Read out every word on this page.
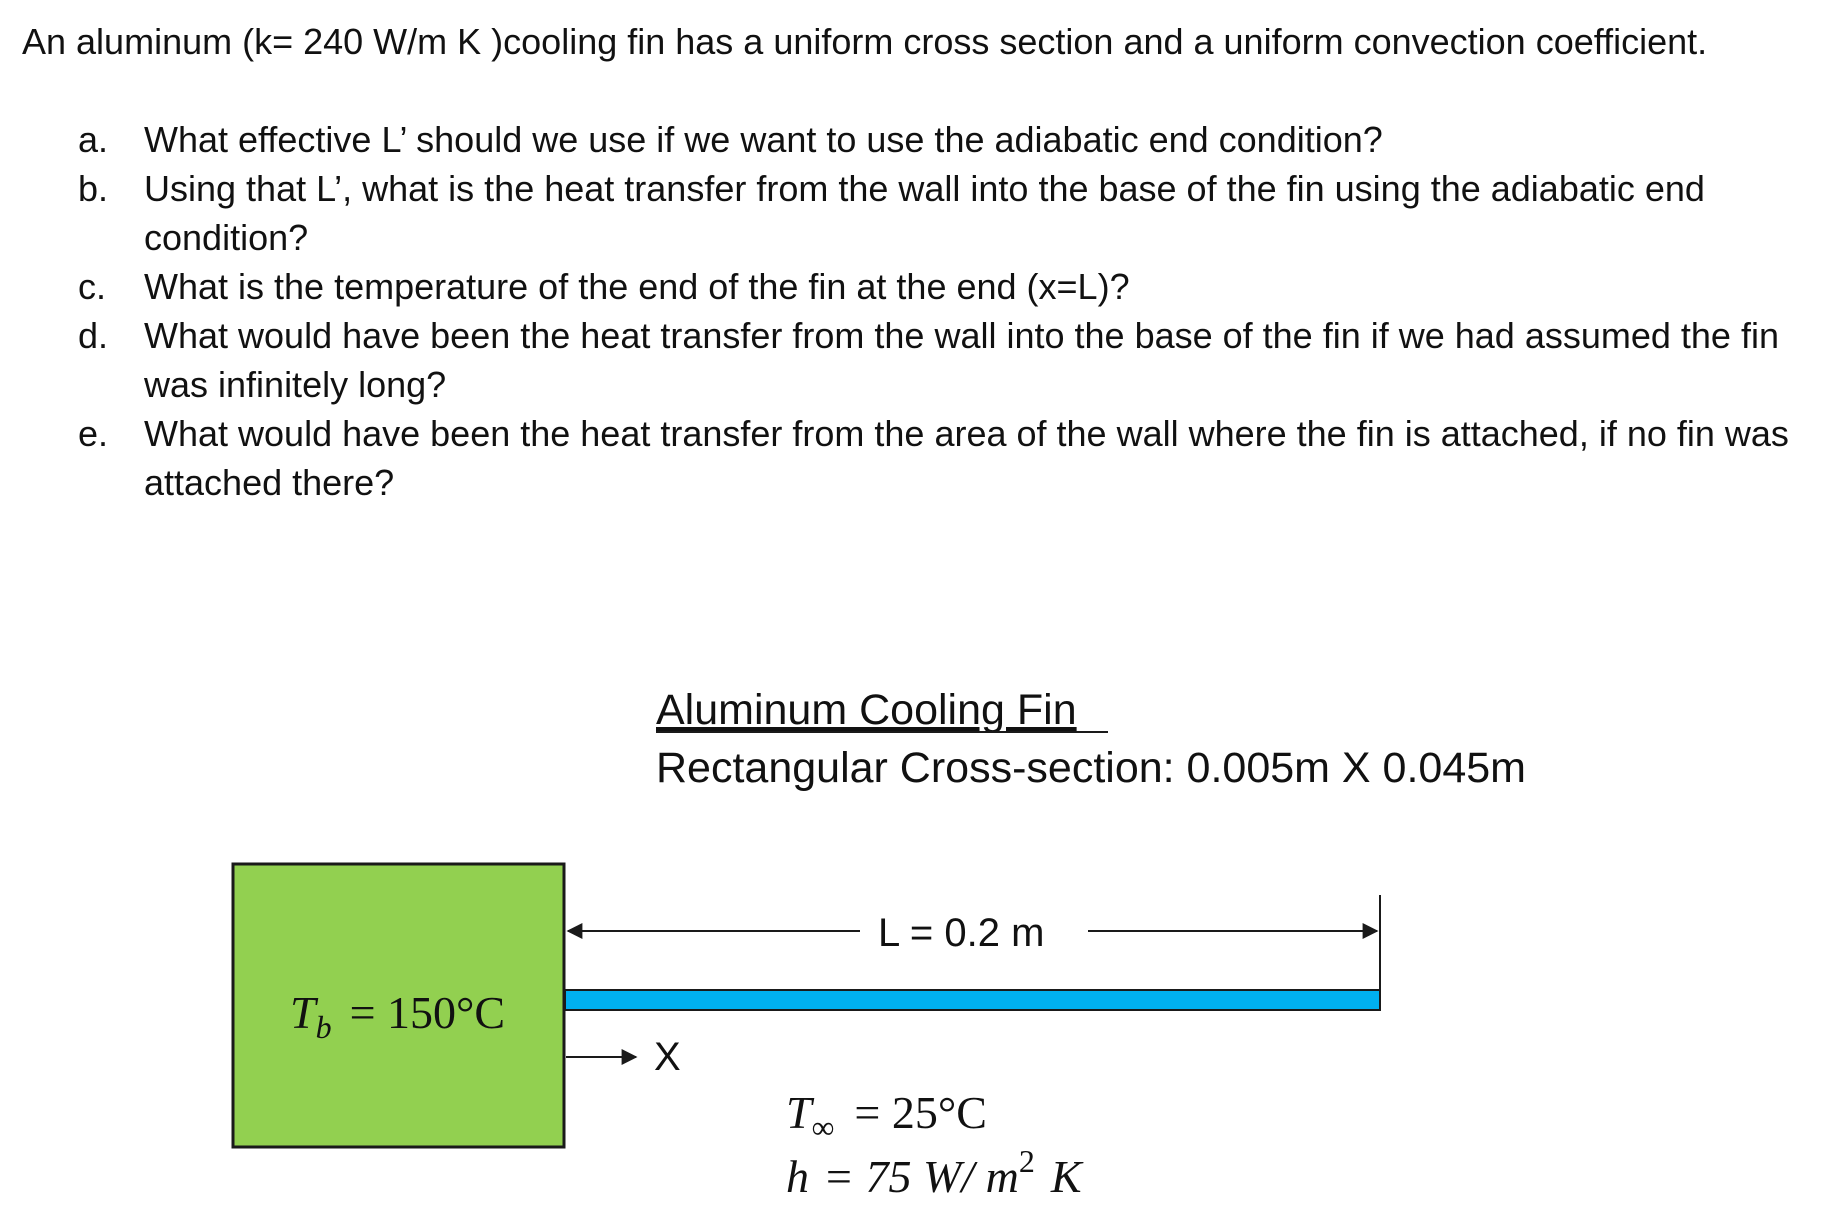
An aluminum (k= 240 W/m K )cooling fin has a uniform cross section and a uniform convection coefficient.
a. What effective L’ should we use if we want to use the adiabatic end condition?
b. Using that L’, what is the heat transfer from the wall into the base of the fin using the adiabatic end condition?
c.	What is the temperature of the end of the fin at the end (x=L)?
d. What would have been the heat transfer from the wall into the base of the fin if we had assumed the fin was infinitely long?
e. What would have been the heat transfer from the area of the wall where the fin is attached, if no fin was attached there?
Aluminum Cooling Fin
Rectangular Cross-section: 0.005m X 0.045m
$T_b = 150^\circ C$
L = 0.2 m
X
$T_\infty = 25^\circ C$
h = 75 W/ $m^2$ K
